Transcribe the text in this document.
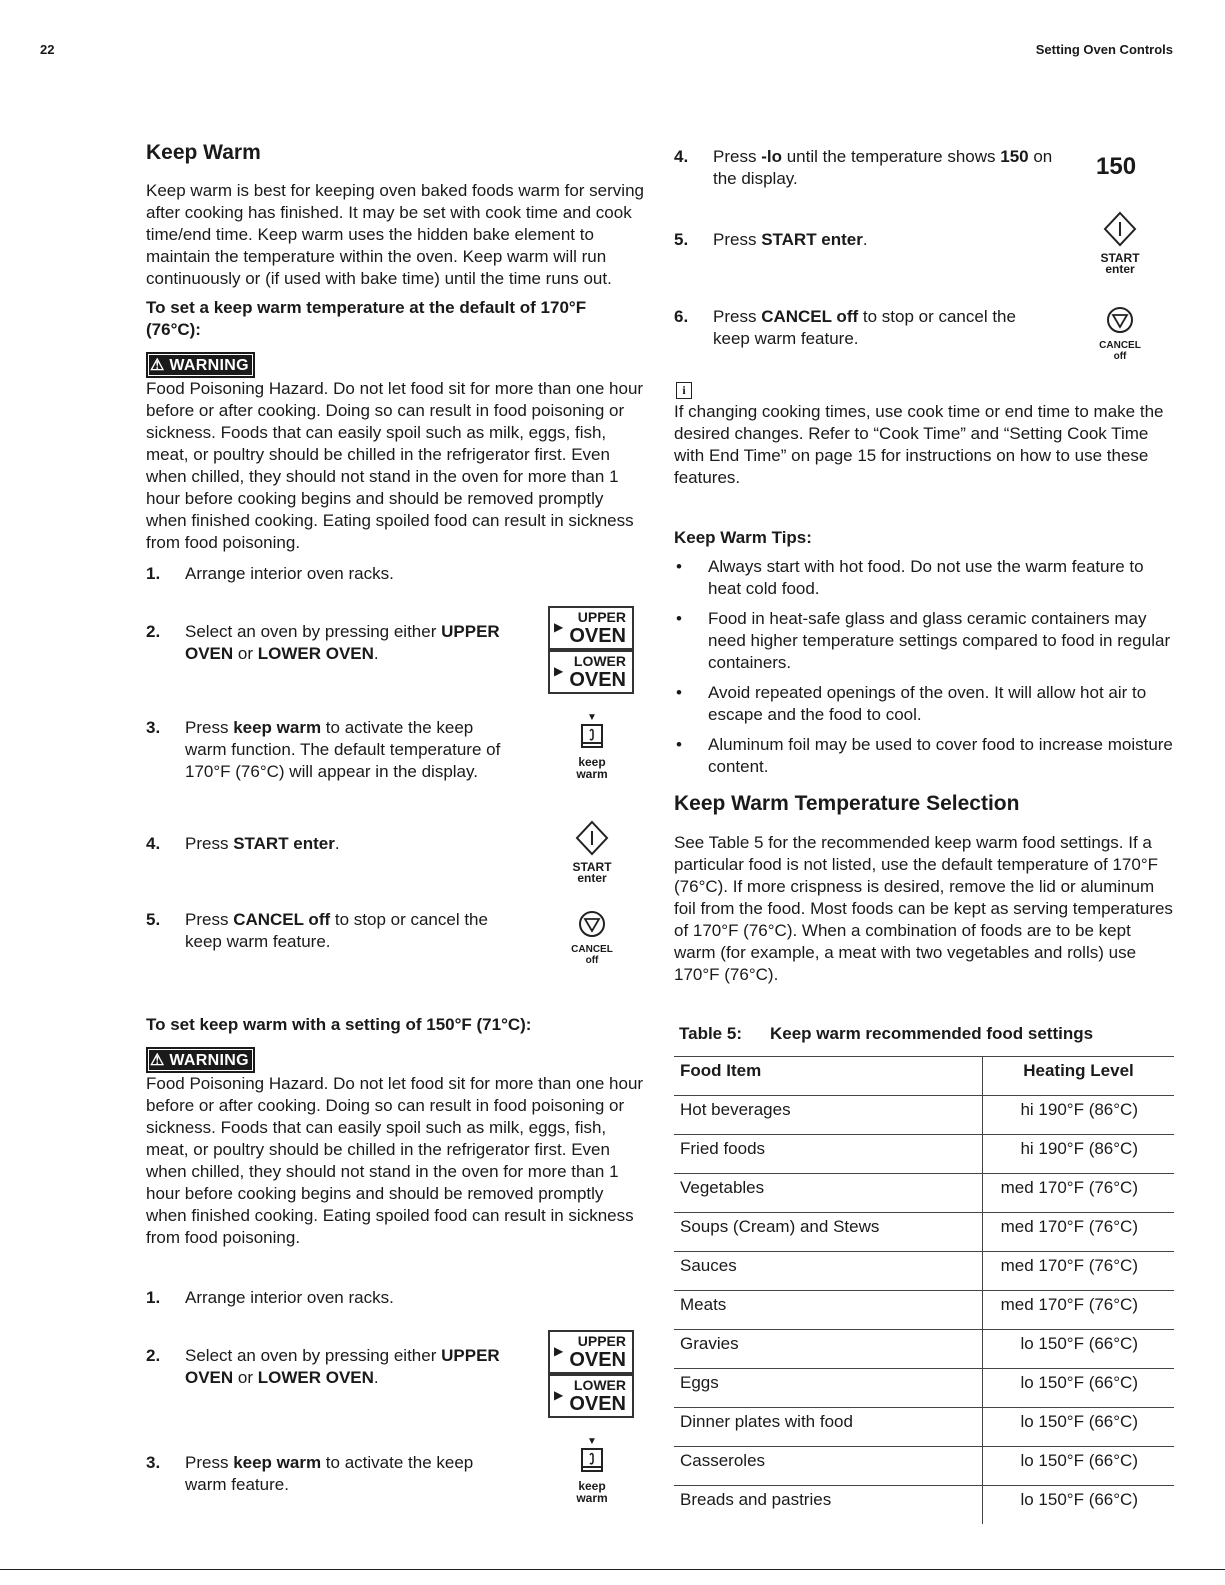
22	Setting Oven Controls
Keep Warm
Keep warm is best for keeping oven baked foods warm for serving after cooking has finished. It may be set with cook time and cook time/end time. Keep warm uses the hidden bake element to maintain the temperature within the oven. Keep warm will run continuously or (if used with bake time) until the time runs out.
To set a keep warm temperature at the default of 170°F (76°C):
⚠ WARNING
Food Poisoning Hazard. Do not let food sit for more than one hour before or after cooking. Doing so can result in food poisoning or sickness. Foods that can easily spoil such as milk, eggs, fish, meat, or poultry should be chilled in the refrigerator first. Even when chilled, they should not stand in the oven for more than 1 hour before cooking begins and should be removed promptly when finished cooking. Eating spoiled food can result in sickness from food poisoning.
1. Arrange interior oven racks.
2. Select an oven by pressing either UPPER OVEN or LOWER OVEN.
3. Press keep warm to activate the keep warm function. The default temperature of 170°F (76°C) will appear in the display.
4. Press START enter.
5. Press CANCEL off to stop or cancel the keep warm feature.
▶
UPPER
OVEN
▶
LOWER
OVEN
▼
keep
warm
START
enter
CANCEL
off
To set keep warm with a setting of 150°F (71°C):
⚠ WARNING
Food Poisoning Hazard. Do not let food sit for more than one hour before or after cooking. Doing so can result in food poisoning or sickness. Foods that can easily spoil such as milk, eggs, fish, meat, or poultry should be chilled in the refrigerator first. Even when chilled, they should not stand in the oven for more than 1 hour before cooking begins and should be removed promptly when finished cooking. Eating spoiled food can result in sickness from food poisoning.
1. Arrange interior oven racks.
2. Select an oven by pressing either UPPER OVEN or LOWER OVEN.
3. Press keep warm to activate the keep warm feature.
▶
UPPER
OVEN
▶
LOWER
OVEN
▼
keep
warm
4. Press -lo until the temperature shows 150 on the display.	150
5. Press START enter.
START
enter
6. Press CANCEL off to stop or cancel the keep warm feature.	CANCEL
off
i
If changing cooking times, use cook time or end time to make the desired changes. Refer to “Cook Time” and “Setting Cook Time with End Time” on page 15 for instructions on how to use these features.
Keep Warm Tips:
• Always start with hot food. Do not use the warm feature to heat cold food.
• Food in heat-safe glass and glass ceramic containers may need higher temperature settings compared to food in regular containers.
• Avoid repeated openings of the oven. It will allow hot air to escape and the food to cool.
• Aluminum foil may be used to cover food to increase moisture content.
Keep Warm Temperature Selection
See Table 5 for the recommended keep warm food settings. If a particular food is not listed, use the default temperature of 170°F (76°C). If more crispness is desired, remove the lid or aluminum foil from the food. Most foods can be kept as serving temperatures of 170°F (76°C). When a combination of foods are to be kept warm (for example, a meat with two vegetables and rolls) use 170°F (76°C).
Table 5: Keep warm recommended food settings
Food Item	Heating Level
Hot beverages	hi 190°F (86°C)
Fried foods	hi 190°F (86°C)
Vegetables	med 170°F (76°C)
Soups (Cream) and Stews	med 170°F (76°C)
Sauces	med 170°F (76°C)
Meats	med 170°F (76°C)
Gravies	lo 150°F (66°C)
Eggs	lo 150°F (66°C)
Dinner plates with food	lo 150°F (66°C)
Casseroles	lo 150°F (66°C)
Breads and pastries	lo 150°F (66°C)
